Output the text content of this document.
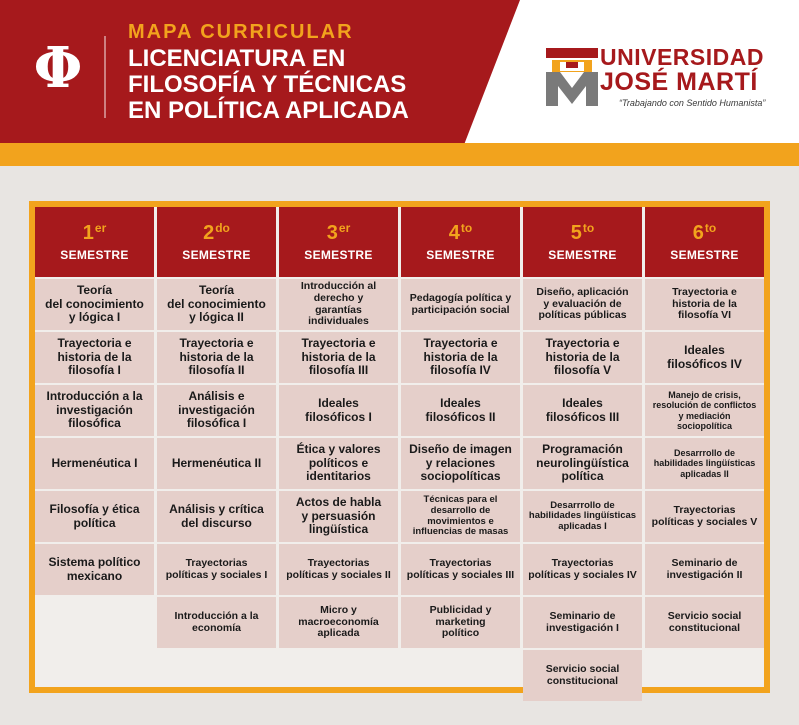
Φ
MAPA CURRICULAR
LICENCIATURA EN
FILOSOFÍA Y TÉCNICAS
EN POLÍTICA APLICADA
UNIVERSIDAD
JOSÉ MARTÍ
“Trabajando con Sentido Humanista”
1er
SEMESTRE
Teoría
del conocimiento
y lógica I
Trayectoria e
historia de la
filosofía I
Introducción a la
investigación
filosófica
Hermenéutica I
Filosofía y ética
política
Sistema político
mexicano
$2^{do}$
SEMESTRE
Teoría
del conocimiento
y lógica II
Trayectoria e
historia de la
filosofía II
Análisis e
investigación
filosófica I
Hermenéutica II
Análisis y crítica
del discurso
Trayectorias
políticas y sociales I
Introducción a la
economía
3er
SEMESTRE
Introducción al
derecho y
garantías
individuales
Trayectoria e
historia de la
filosofía III
Ideales
filosóficos I
Ética y valores
políticos e
identitarios
Actos de habla
y persuasión
lingüística
Trayectorias
políticas y sociales II
Micro y
macroeconomía
aplicada
$4^{to}$
SEMESTRE
Pedagogía política y
participación social
Trayectoria e
historia de la
filosofía IV
Ideales
filosóficos II
Diseño de imagen
y relaciones
sociopolíticas
Técnicas para el
desarrollo de
movimientos e
influencias de masas
Trayectorias
políticas y sociales III
Publicidad y
marketing
político
$5^{to}$
SEMESTRE
Diseño, aplicación
y evaluación de
políticas públicas
Trayectoria e
historia de la
filosofía V
Ideales
filosóficos III
Programación
neurolingüística
política
Desarrrollo de
habilidades lingüísticas
aplicadas I
Trayectorias
políticas y sociales IV
Seminario de
investigación I
Servicio social
constitucional
$6^{to}$
SEMESTRE
Trayectoria e
historia de la
filosofía VI
Ideales
filosóficos IV
Manejo de crisis,
resolución de conflictos
y mediación
sociopolítica
Desarrrollo de
habilidades lingüísticas
aplicadas II
Trayectorias
políticas y sociales V
Seminario de
investigación II
Servicio social
constitucional
